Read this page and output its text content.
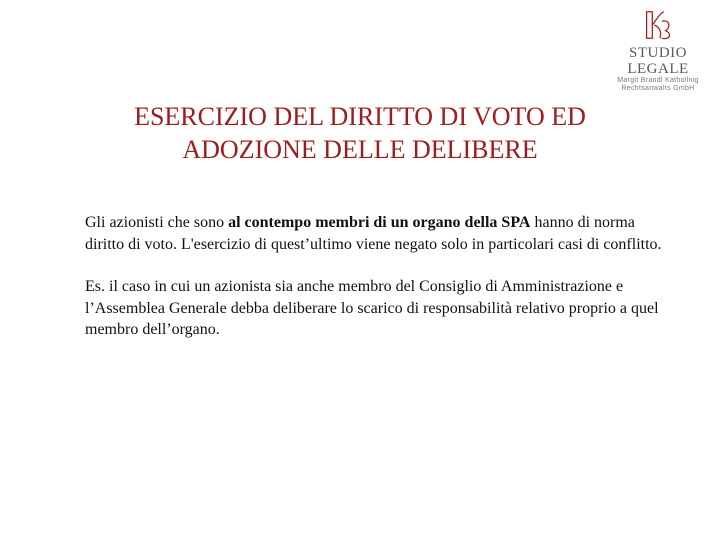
STUDIO LEGALE
Margit Brandl Kathollnig
Rechtsanwalts GmbH
ESERCIZIO DEL DIRITTO DI VOTO ED
ADOZIONE DELLE DELIBERE

Gli azionisti che sono al contempo membri di un organo della SPA hanno di norma diritto di voto. L'esercizio di quest’ultimo viene negato solo in particolari casi di conflitto.

Es. il caso in cui un azionista sia anche membro del Consiglio di Amministrazione e l’Assemblea Generale debba deliberare lo scarico di responsabilità relativo proprio a quel membro dell’organo.
